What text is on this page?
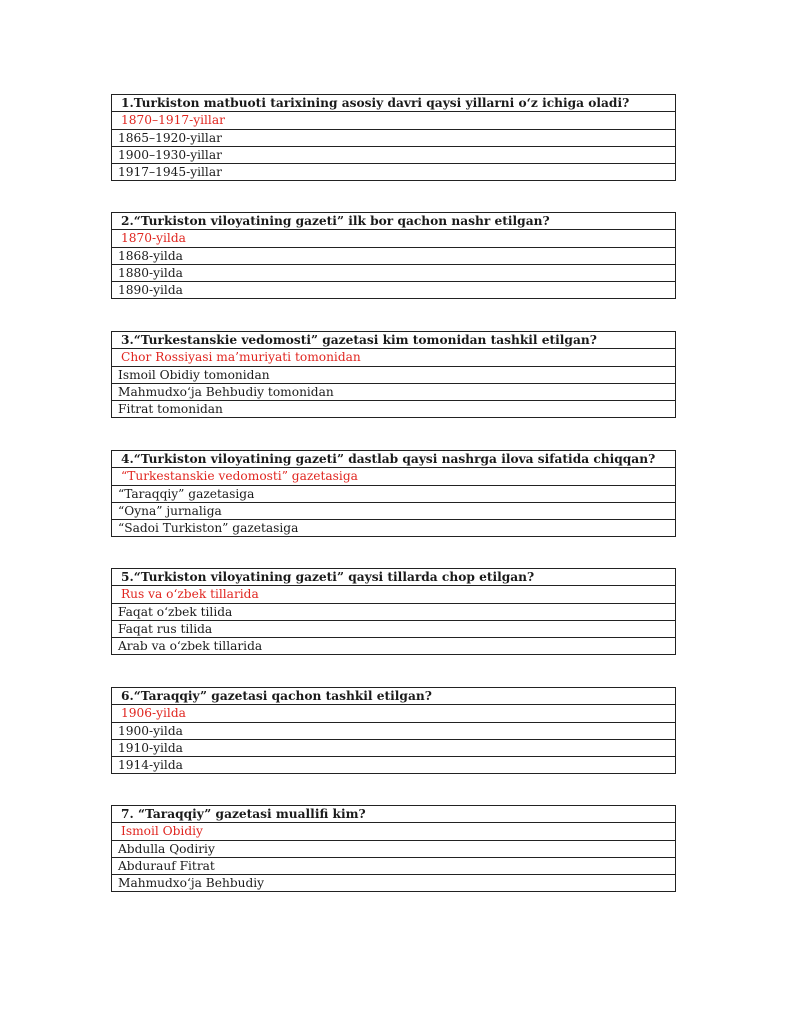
1.Turkiston matbuoti tarixining asosiy davri qaysi yillarni o‘z ichiga oladi?
1870–1917-yillar
1865–1920-yillar
1900–1930-yillar
1917–1945-yillar
2.“Turkiston viloyatining gazeti” ilk bor qachon nashr etilgan?
1870-yilda
1868-yilda
1880-yilda
1890-yilda
3.“Turkestanskie vedomosti” gazetasi kim tomonidan tashkil etilgan?
Chor Rossiyasi ma’muriyati tomonidan
Ismoil Obidiy tomonidan
Mahmudxo‘ja Behbudiy tomonidan
Fitrat tomonidan
4.“Turkiston viloyatining gazeti” dastlab qaysi nashrga ilova sifatida chiqqan?
“Turkestanskie vedomosti” gazetasiga
“Taraqqiy” gazetasiga
“Oyna” jurnaliga
“Sadoi Turkiston” gazetasiga
5.“Turkiston viloyatining gazeti” qaysi tillarda chop etilgan?
Rus va o‘zbek tillarida
Faqat o‘zbek tilida
Faqat rus tilida
Arab va o‘zbek tillarida
6.“Taraqqiy” gazetasi qachon tashkil etilgan?
1906-yilda
1900-yilda
1910-yilda
1914-yilda
7. “Taraqqiy” gazetasi muallifi kim?
Ismoil Obidiy
Abdulla Qodiriy
Abdurauf Fitrat
Mahmudxo‘ja Behbudiy
